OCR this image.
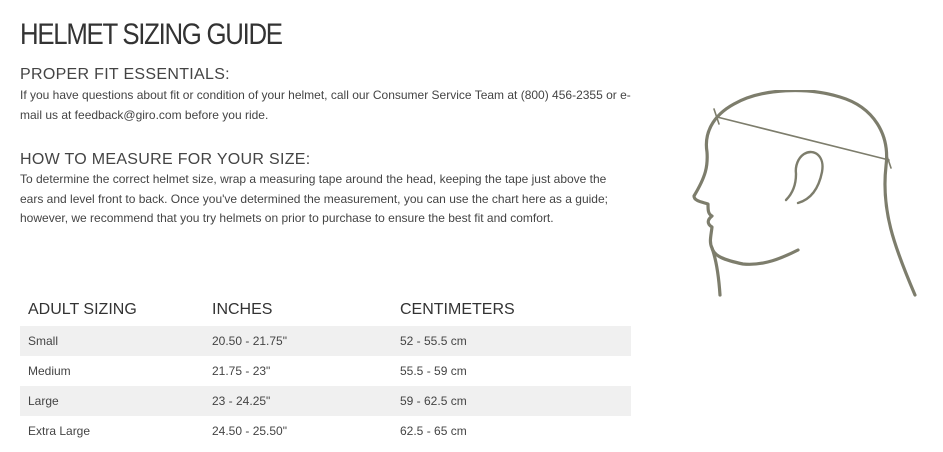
HELMET SIZING GUIDE
PROPER FIT ESSENTIALS:

If you have questions about fit or condition of your helmet, call our Consumer Service Team at (800) 456-2355 or e-mail us at feedback@giro.com before you ride.

HOW TO MEASURE FOR YOUR SIZE:

To determine the correct helmet size, wrap a measuring tape around the head, keeping the tape just above the ears and level front to back. Once you've determined the measurement, you can use the chart here as a guide; however, we recommend that you try helmets on prior to purchase to ensure the best fit and comfort.

ADULT SIZING	INCHES	CENTIMETERS
Small	20.50 - 21.75"	52 - 55.5 cm
Medium	21.75 - 23"	55.5 - 59 cm
Large	23 - 24.25"	59 - 62.5 cm
Extra Large	24.50 - 25.50"	62.5 - 65 cm
